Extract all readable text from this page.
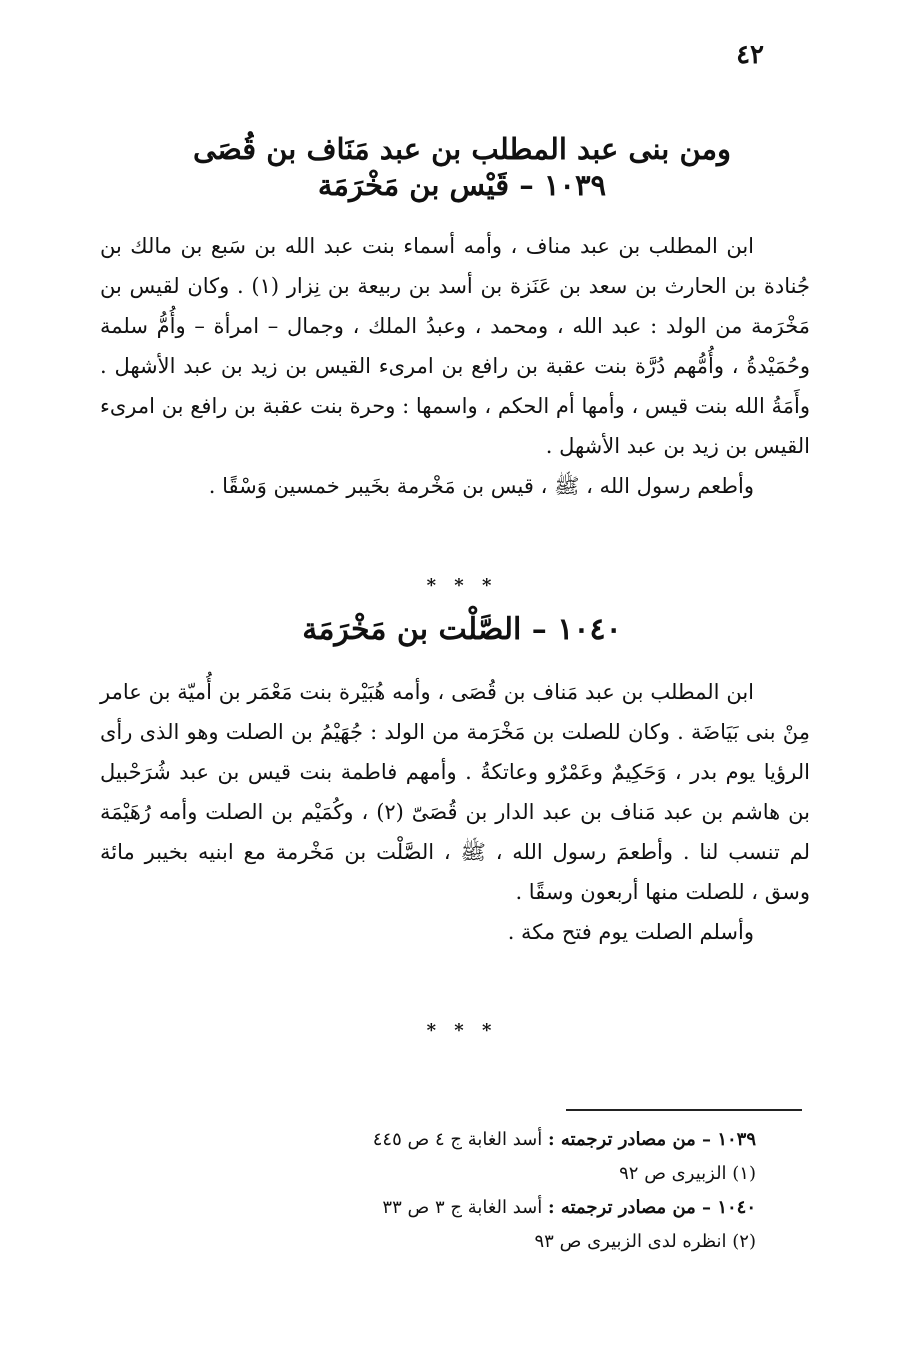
٤٢
ومن بنى عبد المطلب بن عبد مَنَاف بن قُصَى
١٠٣٩ – قَيْس بن مَخْرَمَة

ابن المطلب بن عبد مناف ، وأمه أسماء بنت عبد الله بن سَبع بن مالك بن جُنادة بن الحارث بن سعد بن عَنَزة بن أسد بن ربيعة بن نِزار (١) . وكان لقيس بن مَخْرَمة من الولد : عبد الله ، ومحمد ، وعبدُ الملك ، وجمال – امرأة – وأُمُّ سلمة وحُمَيْدةُ ، وأُمُّهم دُرَّة بنت عقبة بن رافع بن امرىء القيس بن زيد بن عبد الأشهل . وأَمَةُ الله بنت قيس ، وأمها أم الحكم ، واسمها : وحرة بنت عقبة بن رافع بن امرىء القيس بن زيد بن عبد الأشهل .

وأطعم رسول الله ، ﷺ ، قيس بن مَخْرمة بخَيبر خمسين وَسْقًا .

* * *
١٠٤٠ – الصَّلْت بن مَخْرَمَة

ابن المطلب بن عبد مَناف بن قُصَى ، وأمه هُبَيْرة بنت مَعْمَر بن أُميّة بن عامر مِنْ بنى بَيَاضَة . وكان للصلت بن مَخْرَمة من الولد : جُهَيْمُ بن الصلت وهو الذى رأى الرؤيا يوم بدر ، وَحَكِيمٌ وعَمْرٌو وعاتكةُ . وأمهم فاطمة بنت قيس بن عبد شُرَحْبيل بن هاشم بن عبد مَناف بن عبد الدار بن قُصَىّ (٢) ، وكُمَيْم بن الصلت وأمه رُهَيْمَة لم تنسب لنا . وأطعمَ رسول الله ، ﷺ ، الصَّلْت بن مَخْرمة مع ابنيه بخيبر مائة وسق ، للصلت منها أربعون وسقًا .

وأسلم الصلت يوم فتح مكة .

* * *
١٠٣٩ – من مصادر ترجمته : أسد الغابة ج ٤ ص ٤٤٥
(١) الزبيرى ص ٩٢
١٠٤٠ – من مصادر ترجمته : أسد الغابة ج ٣ ص ٣٣
(٢) انظره لدى الزبيرى ص ٩٣
